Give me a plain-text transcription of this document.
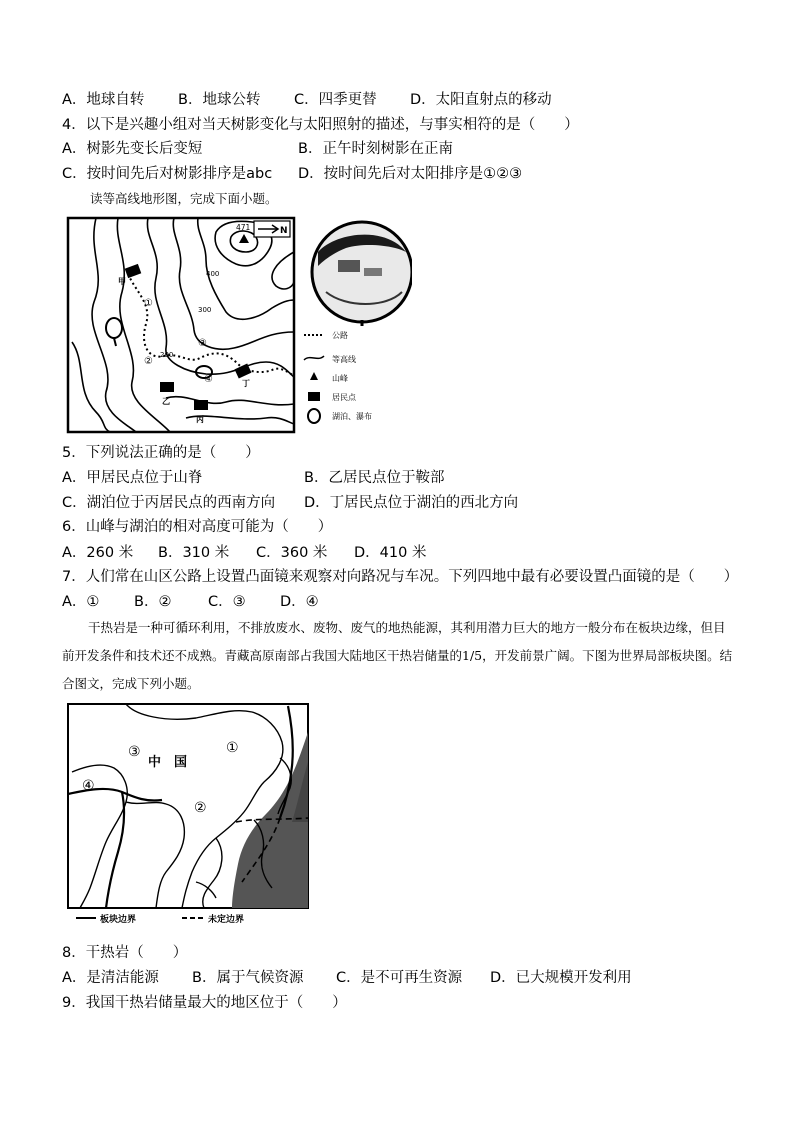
A．地球自转 B．地球公转 C．四季更替 D．太阳直射点的移动
4．以下是兴趣小组对当天树影变化与太阳照射的描述，与事实相符的是（　　）
A．树影先变长后变短	B．正午时刻树影在正南
C．按时间先后对树影排序是abc D．按时间先后对太阳排序是①②③
读等高线地形图，完成下面小题。
471
400
300
200
甲
乙
丙
丁
①
②
③
④
N
公路
等高线
山峰
居民点
湖泊、瀑布
5．下列说法正确的是（　　）
A．甲居民点位于山脊	B．乙居民点位于鞍部
C．湖泊位于丙居民点的西南方向 D．丁居民点位于湖泊的西北方向
6．山峰与湖泊的相对高度可能为（　　）
A．260 米 B．310 米 C．360 米 D．410 米
7．人们常在山区公路上设置凸面镜来观察对向路况与车况。下列四地中最有必要设置凸面镜的是（　　）
A．① B．②	C．③ D．④
干热岩是一种可循环利用，不排放废水、废物、废气的地热能源，其利用潜力巨大的地方一般分布在板块边缘，但目前开发条件和技术还不成熟。青藏高原南部占我国大陆地区干热岩储量的1/5，开发前景广阔。下图为世界局部板块图。结合图文，完成下列小题。
中　国
①
②
③
④
板块边界	未定边界
8．干热岩（　　）
A．是清洁能源 B．属于气候资源 C．是不可再生资源 D．已大规模开发利用
9．我国干热岩储量最大的地区位于（　　）
